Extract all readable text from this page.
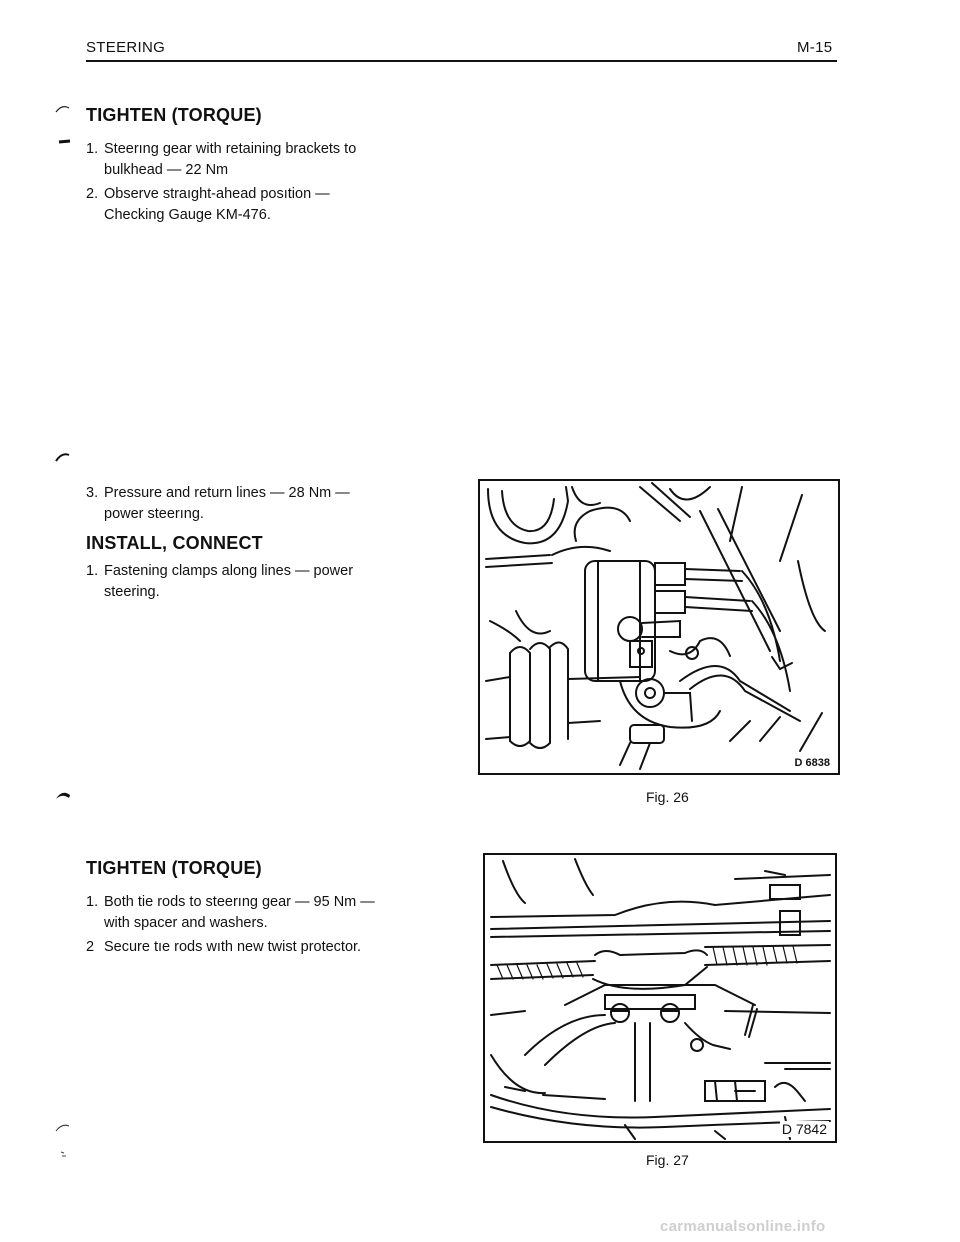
STEERING	M-15
TIGHTEN (TORQUE)
1. Steerıng gear with retaining brackets to bulkhead — 22 Nm
2. Observe straıght-ahead posıtion — Checking Gauge KM-476.
3. Pressure and return lines — 28 Nm — power steerıng.
INSTALL, CONNECT
1. Fastening clamps along lines — power steering.
TIGHTEN (TORQUE)
1. Both tie rods to steerıng gear — 95 Nm — with spacer and washers.
2 Secure tıe rods wıth new twist protector.
D 6838
Fig. 26
D 7842
Fig. 27
carmanualsonline.info
